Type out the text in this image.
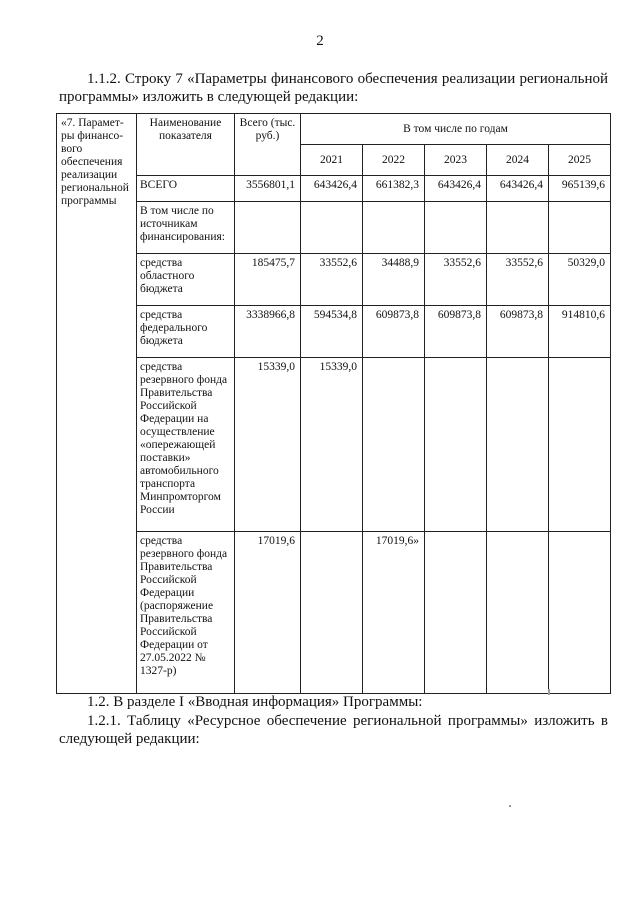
2
1.1.2. Строку 7 «Параметры финансового обеспечения реализации региональной программы» изложить в следующей редакции:
«7. Парамет-ры финансо-вого обеспечения реализации региональной программы	Наименование показателя	Всего (тыс. руб.)	В том числе по годам				
			2021	2022	2023	2024	2025
	ВСЕГО	3556801,1	643426,4	661382,3	643426,4	643426,4	965139,6
	В том числе по источникам финансирования:						
	средства областного бюджета	185475,7	33552,6	34488,9	33552,6	33552,6	50329,0
	средства федерального бюджета	3338966,8	594534,8	609873,8	609873,8	609873,8	914810,6
	средства резервного фонда Правительства Российской Федерации на осуществление «опережающей поставки» автомобильного транспорта Минпромторгом России	15339,0	15339,0				
	средства резервного фонда Правительства Российской Федерации (распоряжение Правительства Российской Федерации от 27.05.2022 № 1327-р)	17019,6		17019,6»			
1.2. В разделе I «Вводная информация» Программы:
1.2.1. Таблицу «Ресурсное обеспечение региональной программы» изложить в следующей редакции:
